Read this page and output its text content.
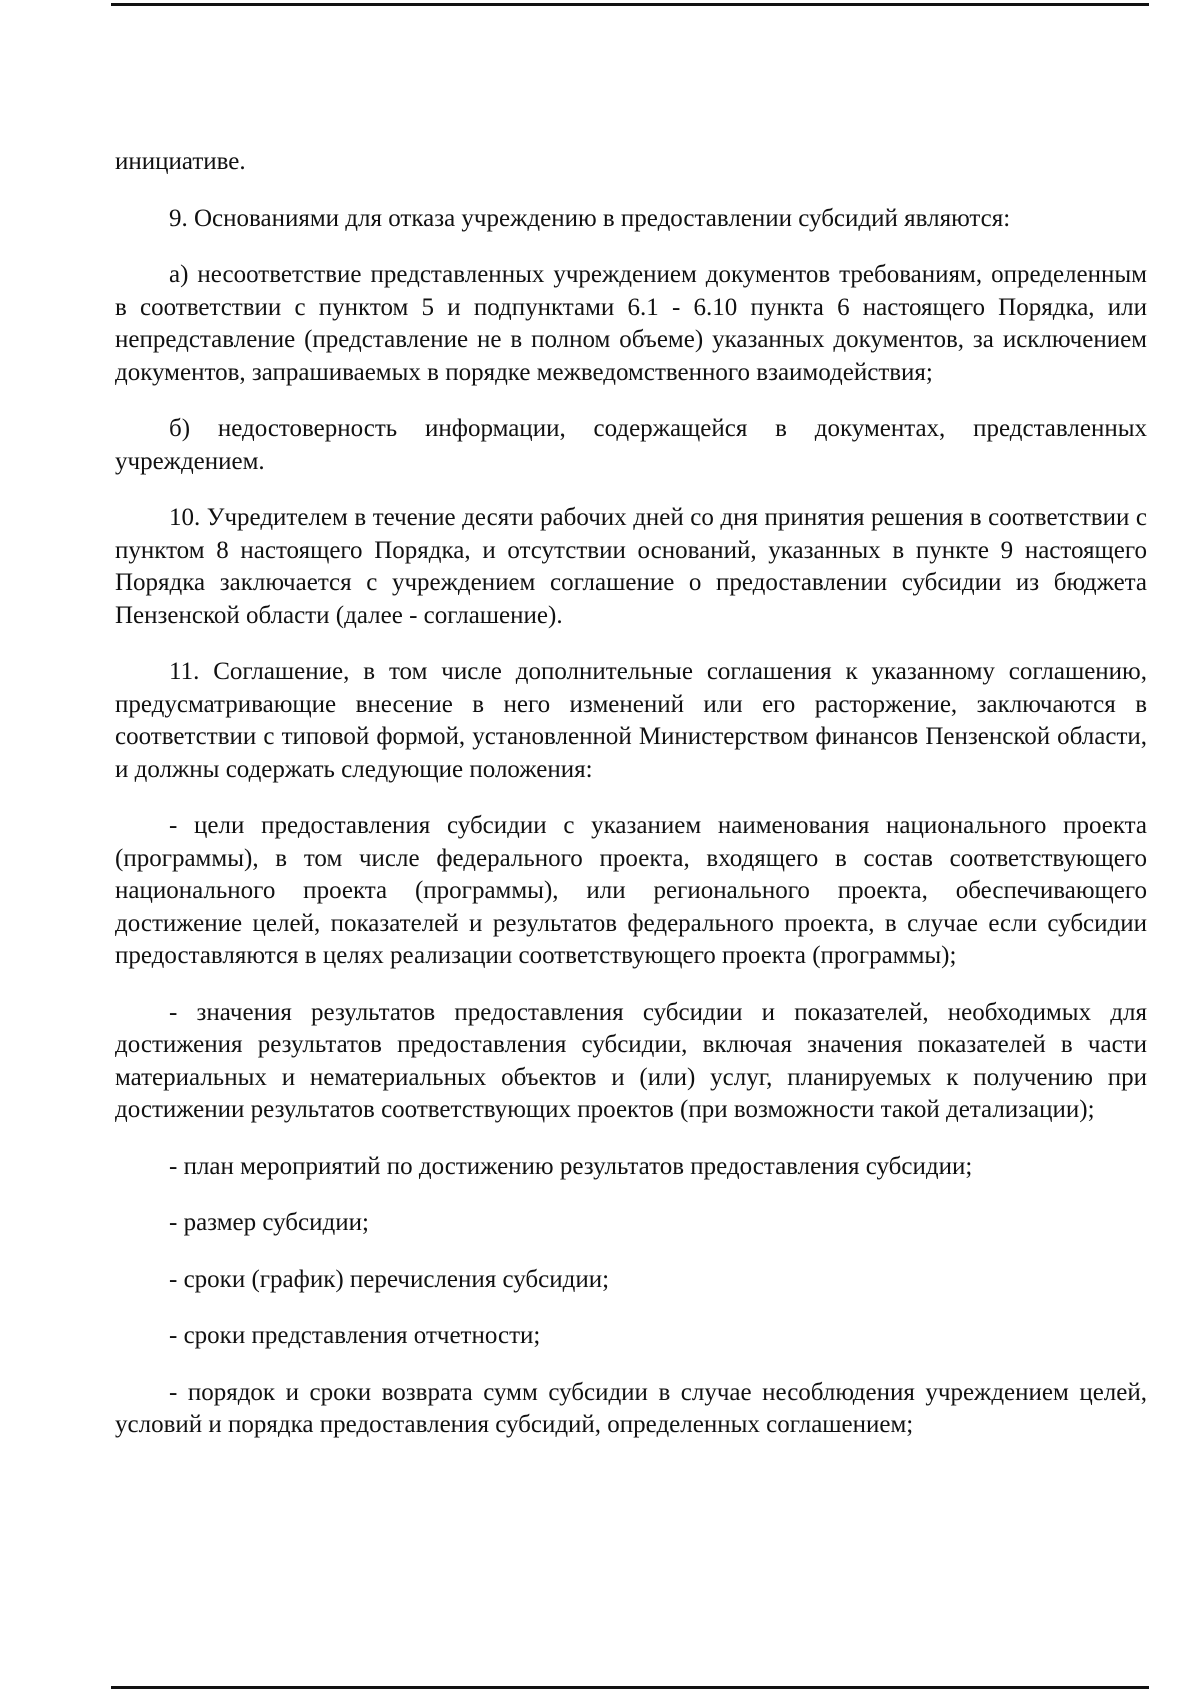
инициативе.

9. Основаниями для отказа учреждению в предоставлении субсидий являются:

а) несоответствие представленных учреждением документов требованиям, определенным в соответствии с пунктом 5 и подпунктами 6.1 - 6.10 пункта 6 настоящего Порядка, или непредставление (представление не в полном объеме) указанных документов, за исключением документов, запрашиваемых в порядке межведомственного взаимодействия;

б) недостоверность информации, содержащейся в документах, представленных учреждением.

10. Учредителем в течение десяти рабочих дней со дня принятия решения в соответствии с пунктом 8 настоящего Порядка, и отсутствии оснований, указанных в пункте 9 настоящего Порядка заключается с учреждением соглашение о предоставлении субсидии из бюджета Пензенской области (далее - соглашение).

11. Соглашение, в том числе дополнительные соглашения к указанному соглашению, предусматривающие внесение в него изменений или его расторжение, заключаются в соответствии с типовой формой, установленной Министерством финансов Пензенской области, и должны содержать следующие положения:

- цели предоставления субсидии с указанием наименования национального проекта (программы), в том числе федерального проекта, входящего в состав соответствующего национального проекта (программы), или регионального проекта, обеспечивающего достижение целей, показателей и результатов федерального проекта, в случае если субсидии предоставляются в целях реализации соответствующего проекта (программы);

- значения результатов предоставления субсидии и показателей, необходимых для достижения результатов предоставления субсидии, включая значения показателей в части материальных и нематериальных объектов и (или) услуг, планируемых к получению при достижении результатов соответствующих проектов (при возможности такой детализации);

- план мероприятий по достижению результатов предоставления субсидии;

- размер субсидии;

- сроки (график) перечисления субсидии;

- сроки представления отчетности;

- порядок и сроки возврата сумм субсидии в случае несоблюдения учреждением целей, условий и порядка предоставления субсидий, определенных соглашением;
